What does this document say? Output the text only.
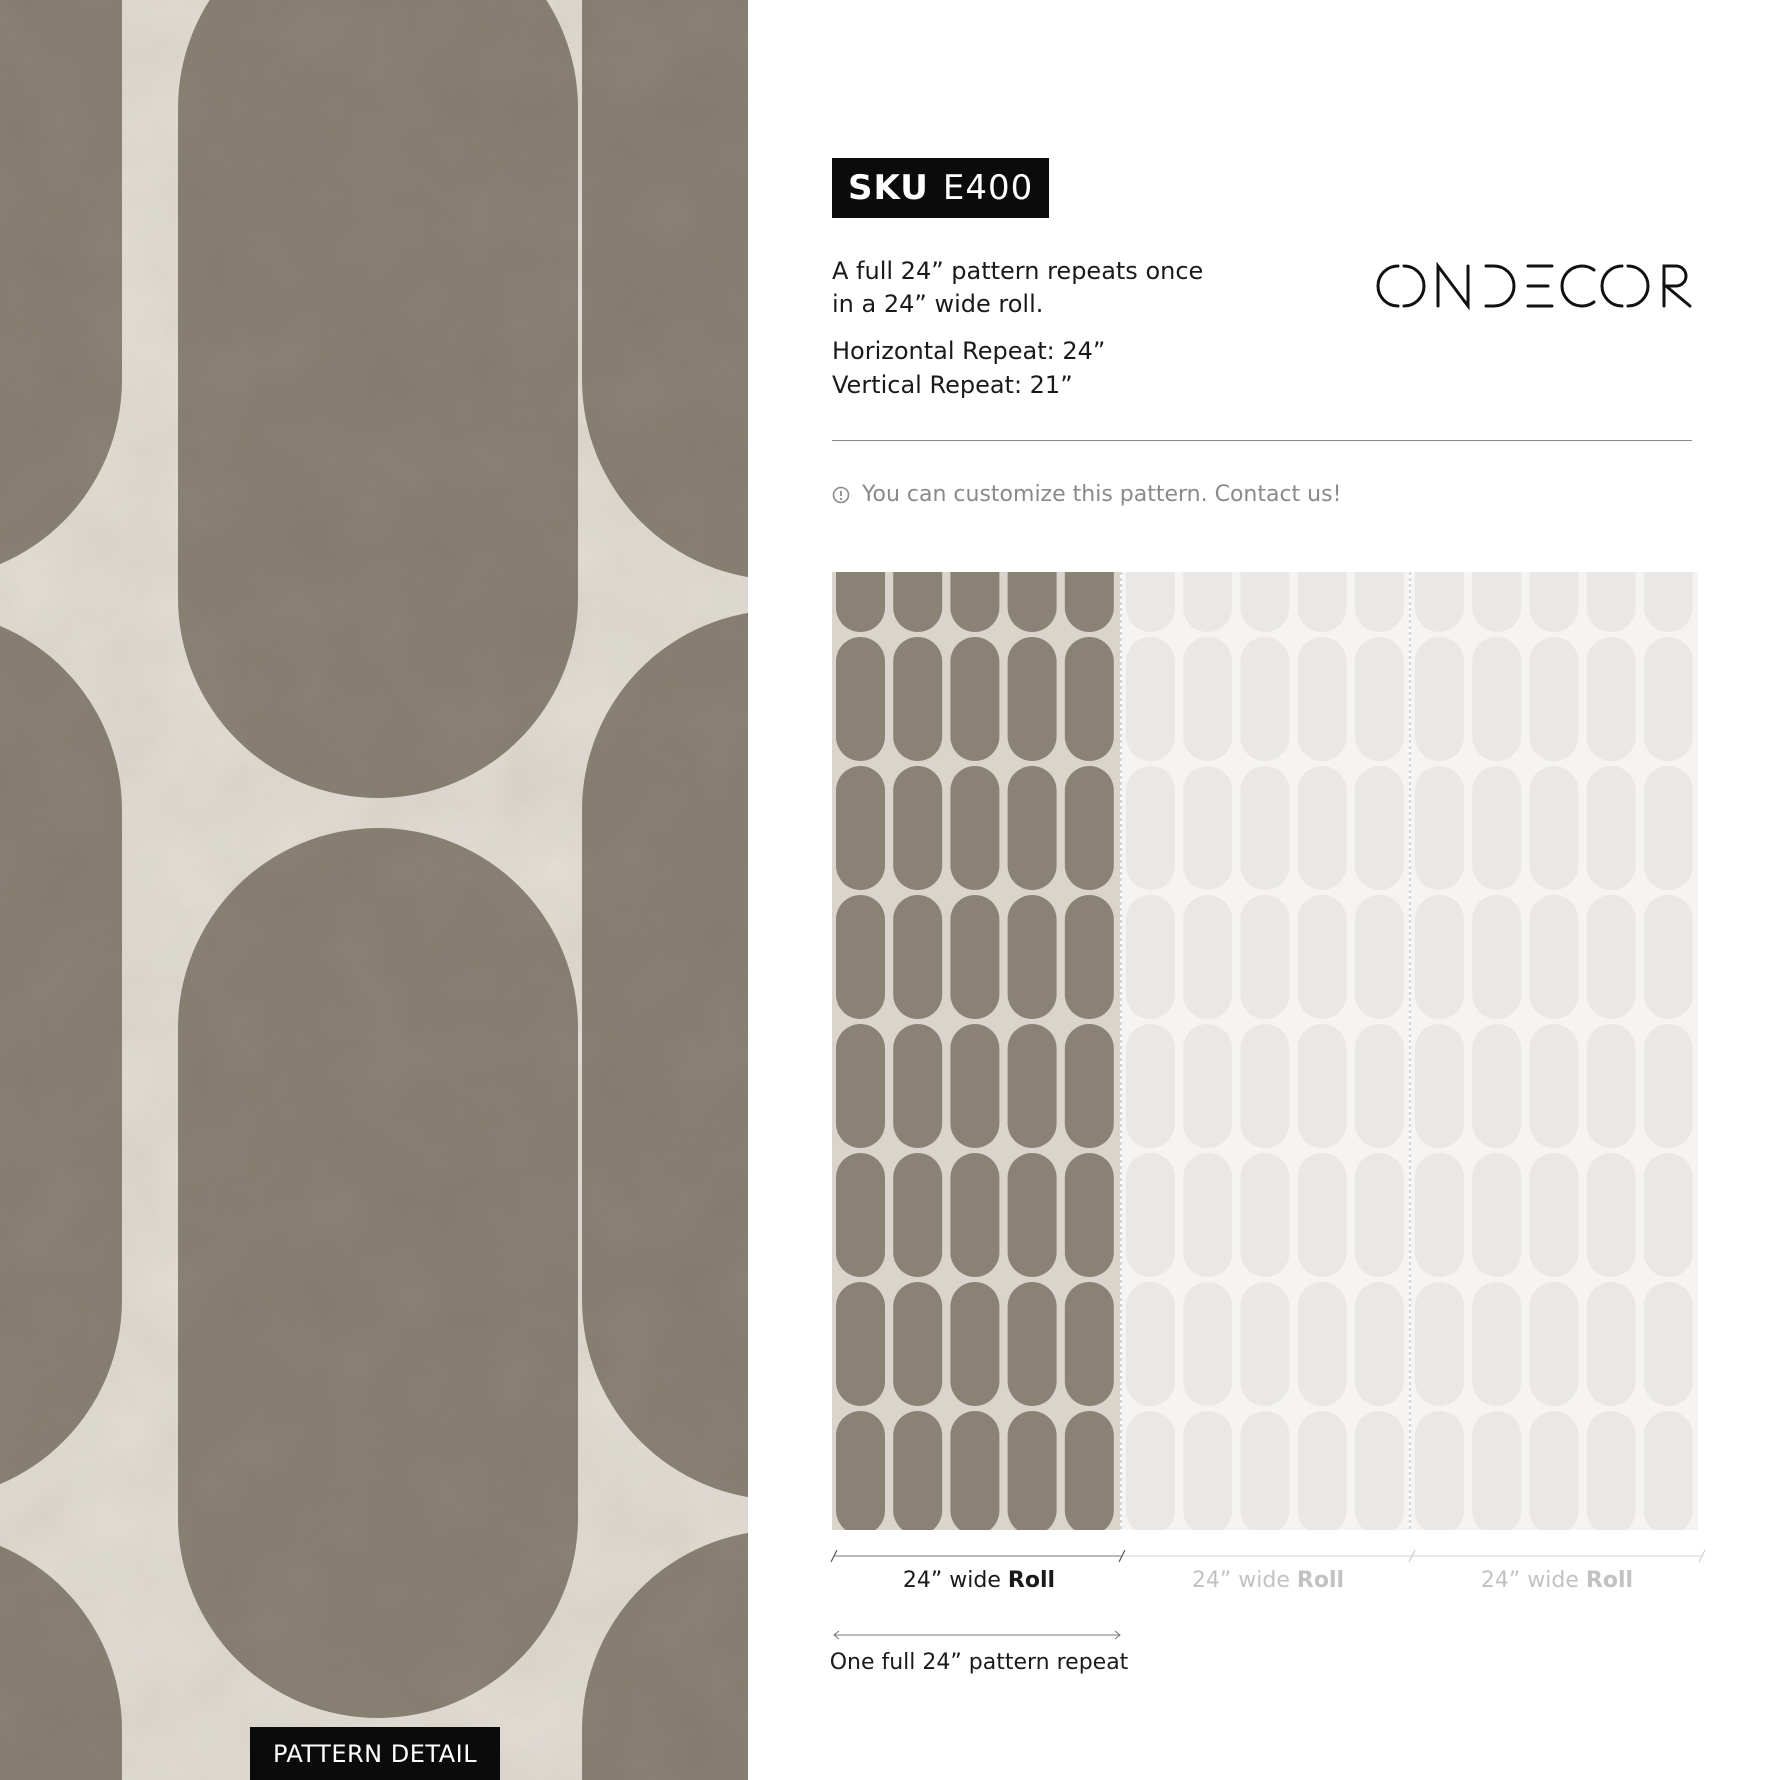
PATTERN DETAIL
SKU E400

A full 24” pattern repeats once

in a 24” wide roll.

Horizontal Repeat: 24”

Vertical Repeat: 21”

You can customize this pattern. Contact us!
24” wide Roll	24” wide Roll	24” wide Roll
One full 24” pattern repeat
